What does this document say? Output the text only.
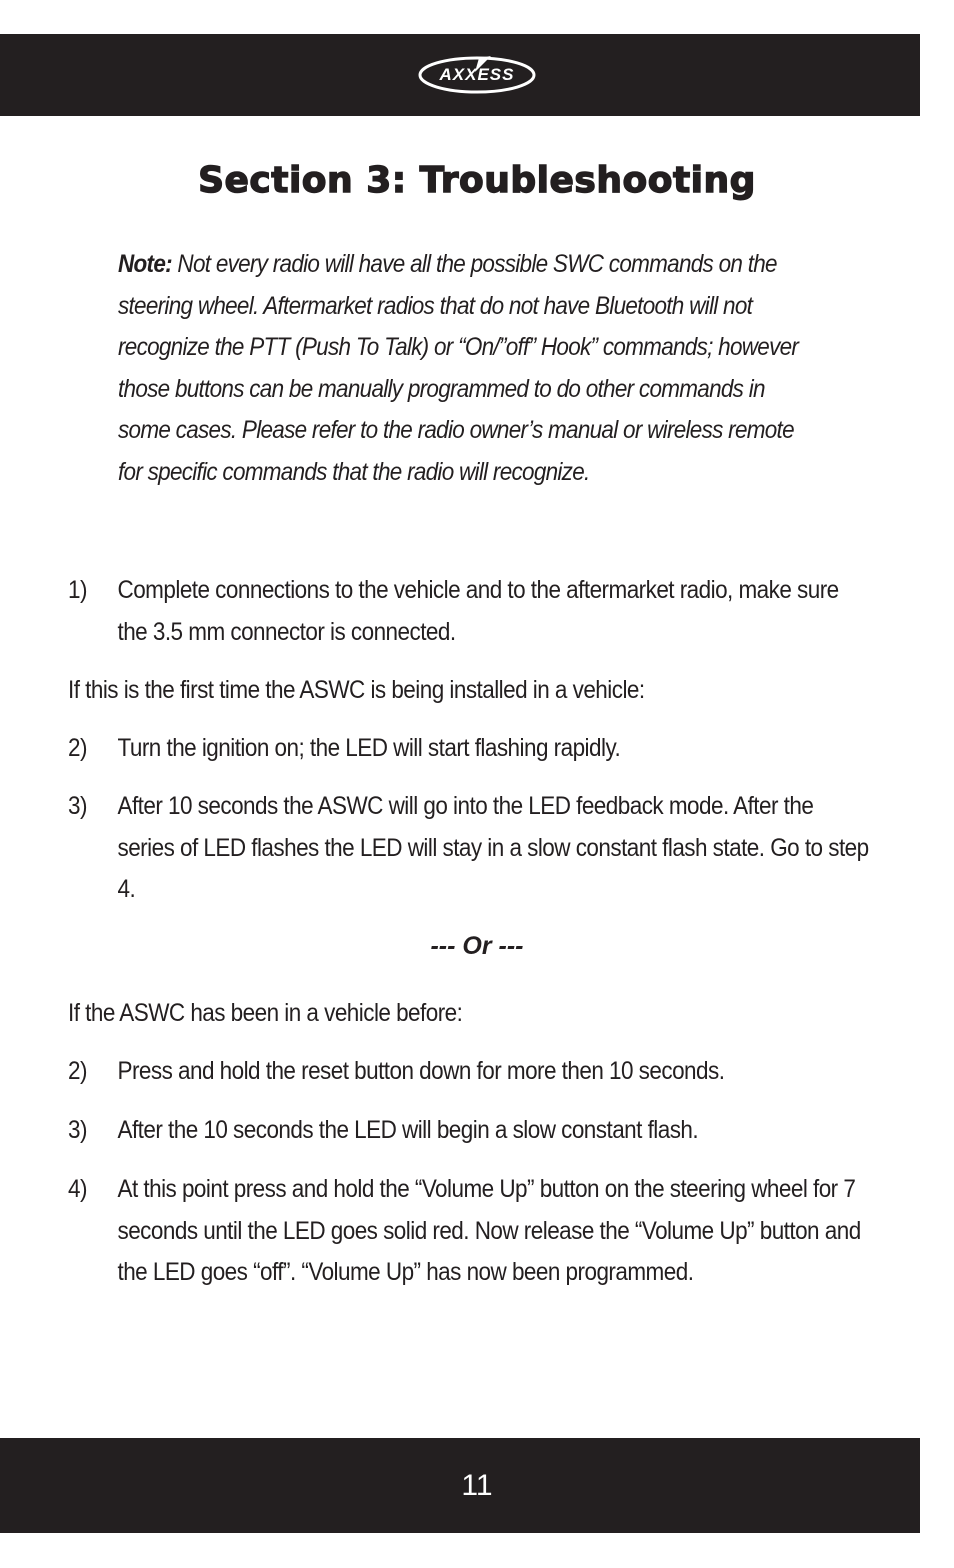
AXXESS
Section 3: Troubleshooting
Note: Not every radio will have all the possible SWC commands on the steering wheel. Aftermarket radios that do not have Bluetooth will not recognize the PTT (Push To Talk) or “On/”off” Hook” commands; however those buttons can be manually programmed to do other commands in some cases. Please refer to the radio owner’s manual or wireless remote for specific commands that the radio will recognize.
1)	Complete connections to the vehicle and to the aftermarket radio, make sure the 3.5 mm connector is connected.
If this is the first time the ASWC is being installed in a vehicle:
2)	Turn the ignition on; the LED will start flashing rapidly.
3)	After 10 seconds the ASWC will go into the LED feedback mode. After the series of LED flashes the LED will stay in a slow constant flash state. Go to step 4.
--- Or ---
If the ASWC has been in a vehicle before:
2)	Press and hold the reset button down for more then 10 seconds.
3)	After the 10 seconds the LED will begin a slow constant flash.
4)	At this point press and hold the “Volume Up” button on the steering wheel for 7 seconds until the LED goes solid red. Now release the “Volume Up” button and the LED goes “off”. “Volume Up” has now been programmed.
11
